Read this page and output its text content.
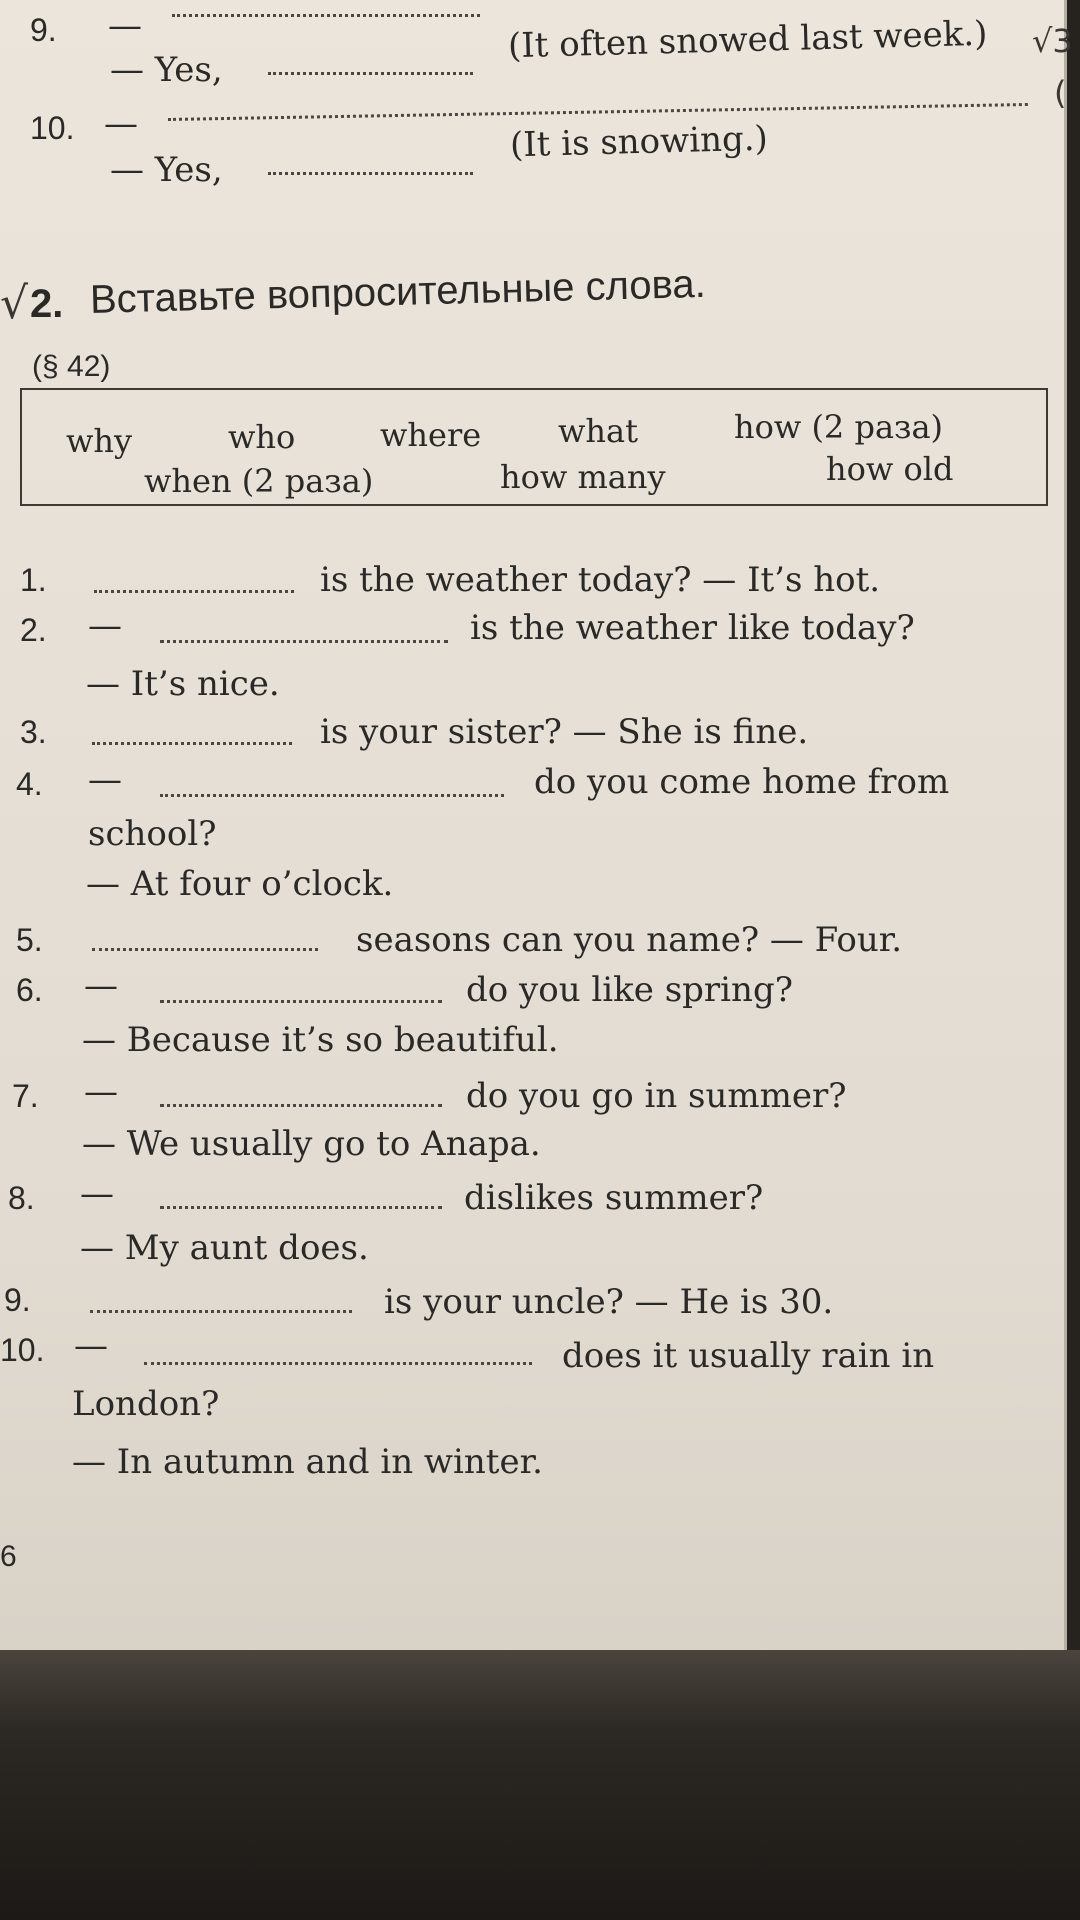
9. —
— Yes,
(It often snowed last week.) √3
(
10. —
— Yes,
(It is snowing.)
√ 2. Вставьте вопросительные слова.
(§ 42)
why	who	where what	how (2 раза)
when (2 раза)	how many	how old
1.	is the weather today? — It’s hot.
2. —	is the weather like today?
— It’s nice.
3.	is your sister? — She is fine.
4. —	do you come home from
school?
— At four o’clock.
5.	seasons can you name? — Four.
6. —	do you like spring?
— Because it’s so beautiful.
7. —	do you go in summer?
— We usually go to Anapa.
8. —	dislikes summer?
— My aunt does.
9.	is your uncle? — He is 30.
10. —	does it usually rain in
London?
— In autumn and in winter.
6
